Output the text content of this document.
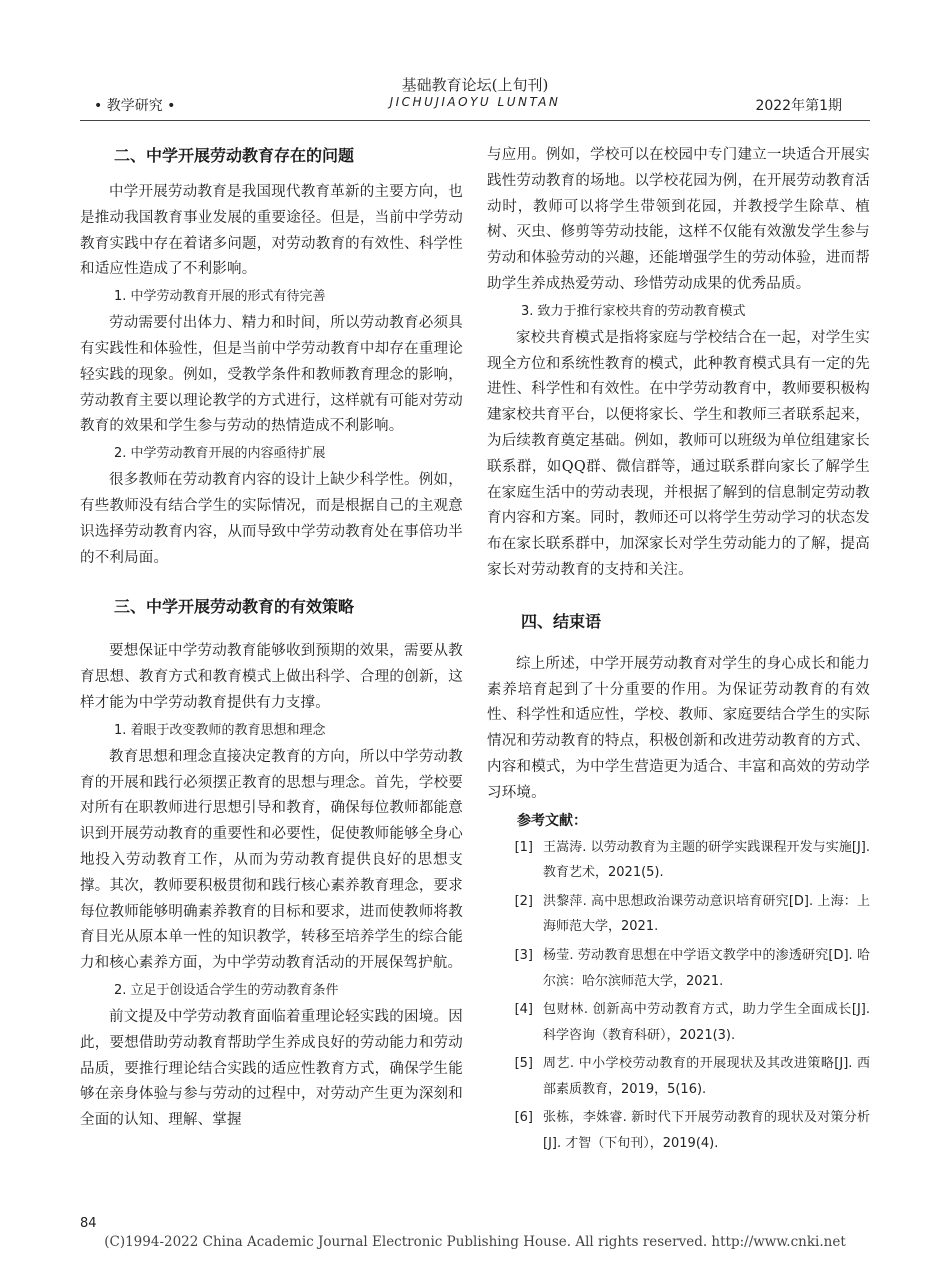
基础教育论坛(上旬刊)
JICHUJIAOYU LUNTAN
• 教学研究 •	2022年第1期
二、中学开展劳动教育存在的问题

中学开展劳动教育是我国现代教育革新的主要方向，也是推动我国教育事业发展的重要途径。但是，当前中学劳动教育实践中存在着诸多问题，对劳动教育的有效性、科学性和适应性造成了不利影响。

1. 中学劳动教育开展的形式有待完善

劳动需要付出体力、精力和时间，所以劳动教育必须具有实践性和体验性，但是当前中学劳动教育中却存在重理论轻实践的现象。例如，受教学条件和教师教育理念的影响，劳动教育主要以理论教学的方式进行，这样就有可能对劳动教育的效果和学生参与劳动的热情造成不利影响。

2. 中学劳动教育开展的内容亟待扩展

很多教师在劳动教育内容的设计上缺少科学性。例如，有些教师没有结合学生的实际情况，而是根据自己的主观意识选择劳动教育内容，从而导致中学劳动教育处在事倍功半的不利局面。

三、中学开展劳动教育的有效策略

要想保证中学劳动教育能够收到预期的效果，需要从教育思想、教育方式和教育模式上做出科学、合理的创新，这样才能为中学劳动教育提供有力支撑。

1. 着眼于改变教师的教育思想和理念

教育思想和理念直接决定教育的方向，所以中学劳动教育的开展和践行必须摆正教育的思想与理念。首先，学校要对所有在职教师进行思想引导和教育，确保每位教师都能意识到开展劳动教育的重要性和必要性，促使教师能够全身心地投入劳动教育工作，从而为劳动教育提供良好的思想支撑。其次，教师要积极贯彻和践行核心素养教育理念，要求每位教师能够明确素养教育的目标和要求，进而使教师将教育目光从原本单一性的知识教学，转移至培养学生的综合能力和核心素养方面，为中学劳动教育活动的开展保驾护航。

2. 立足于创设适合学生的劳动教育条件

前文提及中学劳动教育面临着重理论轻实践的困境。因此，要想借助劳动教育帮助学生养成良好的劳动能力和劳动品质，要推行理论结合实践的适应性教育方式，确保学生能够在亲身体验与参与劳动的过程中，对劳动产生更为深刻和全面的认知、理解、掌握

与应用。例如，学校可以在校园中专门建立一块适合开展实践性劳动教育的场地。以学校花园为例，在开展劳动教育活动时，教师可以将学生带领到花园，并教授学生除草、植树、灭虫、修剪等劳动技能，这样不仅能有效激发学生参与劳动和体验劳动的兴趣，还能增强学生的劳动体验，进而帮助学生养成热爱劳动、珍惜劳动成果的优秀品质。

3. 致力于推行家校共育的劳动教育模式

家校共育模式是指将家庭与学校结合在一起，对学生实现全方位和系统性教育的模式，此种教育模式具有一定的先进性、科学性和有效性。在中学劳动教育中，教师要积极构建家校共育平台，以便将家长、学生和教师三者联系起来，为后续教育奠定基础。例如，教师可以班级为单位组建家长联系群，如QQ群、微信群等，通过联系群向家长了解学生在家庭生活中的劳动表现，并根据了解到的信息制定劳动教育内容和方案。同时，教师还可以将学生劳动学习的状态发布在家长联系群中，加深家长对学生劳动能力的了解，提高家长对劳动教育的支持和关注。

四、结束语

综上所述，中学开展劳动教育对学生的身心成长和能力素养培育起到了十分重要的作用。为保证劳动教育的有效性、科学性和适应性，学校、教师、家庭要结合学生的实际情况和劳动教育的特点，积极创新和改进劳动教育的方式、内容和模式，为中学生营造更为适合、丰富和高效的劳动学习环境。

参考文献：

[1] 王嵩涛. 以劳动教育为主题的研学实践课程开发与实施[J]. 教育艺术，2021(5).
[2] 洪黎萍. 高中思想政治课劳动意识培育研究[D]. 上海：上海师范大学，2021.
[3] 杨莹. 劳动教育思想在中学语文教学中的渗透研究[D]. 哈尔滨：哈尔滨师范大学，2021.
[4] 包财林. 创新高中劳动教育方式，助力学生全面成长[J]. 科学咨询（教育科研），2021(3).
[5] 周艺. 中小学校劳动教育的开展现状及其改进策略[J]. 西部素质教育，2019，5(16).
[6] 张栋，李姝睿. 新时代下开展劳动教育的现状及对策分析[J]. 才智（下旬刊），2019(4).
84
(C)1994-2022 China Academic Journal Electronic Publishing House. All rights reserved. http://www.cnki.net
